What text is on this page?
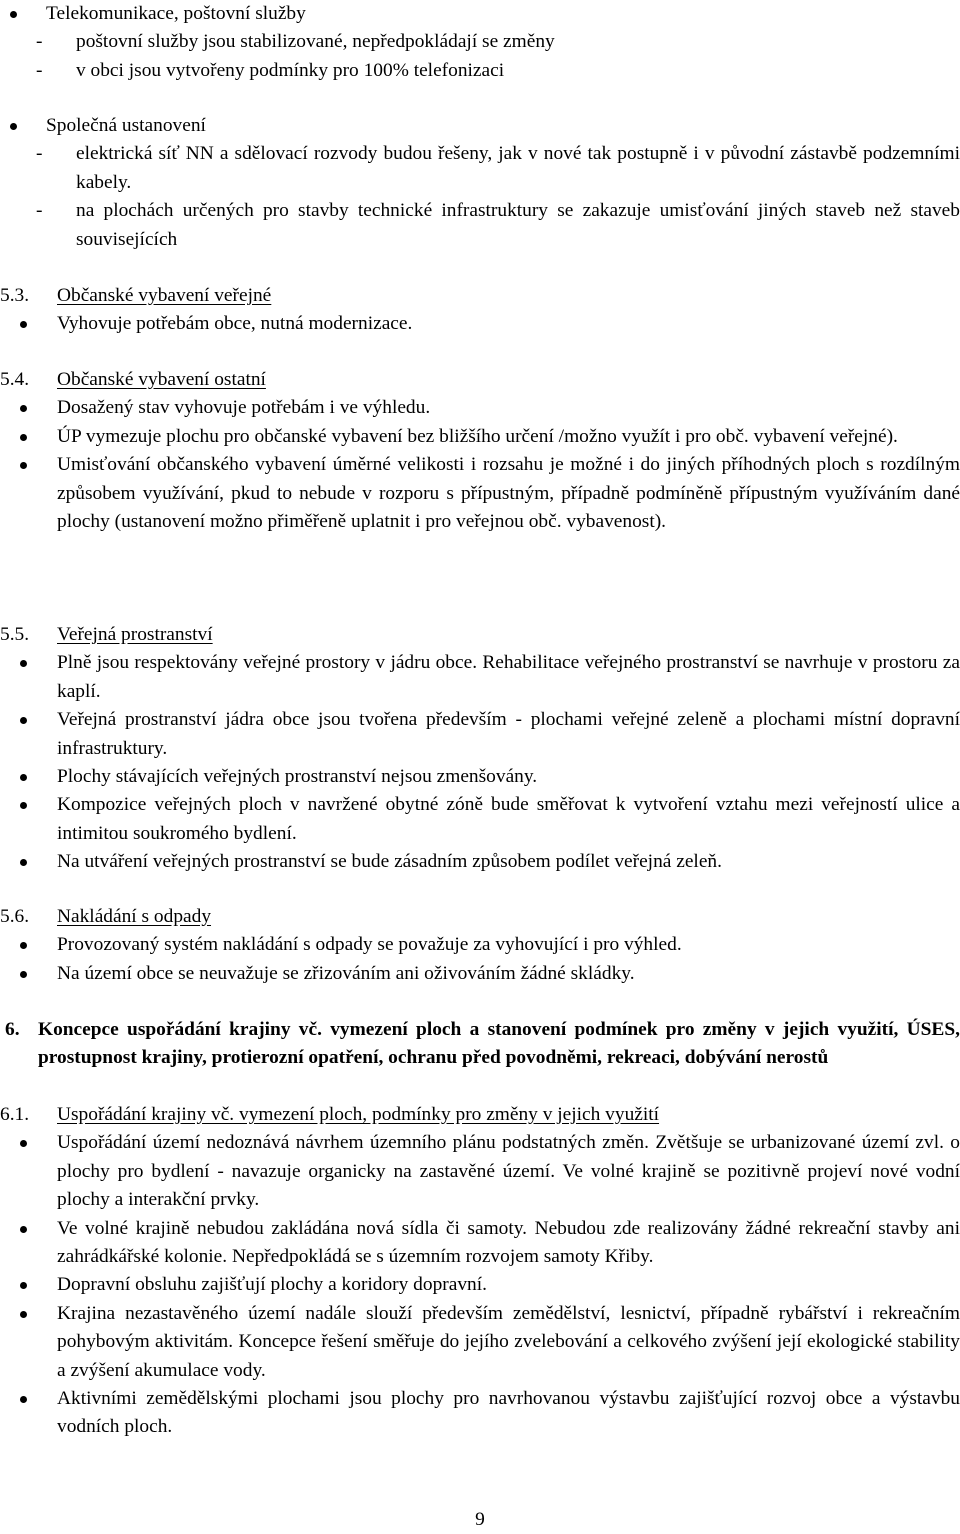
Telekomunikace, poštovní služby
- poštovní služby jsou stabilizované, nepředpokládají se změny
- v obci jsou vytvořeny podmínky pro 100% telefonizaci
Společná ustanovení
- elektrická síť NN a sdělovací rozvody budou řešeny, jak v nové tak postupně i v původní zástavbě podzemními kabely.
- na plochách určených pro stavby technické infrastruktury se zakazuje umisťování jiných staveb než staveb souvisejících
5.3. Občanské vybavení veřejné
Vyhovuje potřebám obce, nutná modernizace.
5.4. Občanské vybavení ostatní
Dosažený stav vyhovuje potřebám i ve výhledu.
ÚP vymezuje plochu pro občanské vybavení bez bližšího určení /možno využít i pro obč. vybavení veřejné).
Umisťování občanského vybavení úměrné velikosti i rozsahu je možné i do jiných příhodných ploch s rozdílným způsobem využívání, pkud to nebude v rozporu s přípustným, případně podmíněně přípustným využíváním dané plochy (ustanovení možno přiměřeně uplatnit i pro veřejnou obč. vybavenost).
5.5. Veřejná prostranství
Plně jsou respektovány veřejné prostory v jádru obce. Rehabilitace veřejného prostranství se navrhuje v prostoru za kaplí.
Veřejná prostranství jádra obce jsou tvořena především - plochami veřejné zeleně a plochami místní dopravní infrastruktury.
Plochy stávajících veřejných prostranství nejsou zmenšovány.
Kompozice veřejných ploch v navržené obytné zóně bude směřovat k vytvoření vztahu mezi veřejností ulice a intimitou soukromého bydlení.
Na utváření veřejných prostranství se bude zásadním způsobem podílet veřejná zeleň.
5.6. Nakládání s odpady
Provozovaný systém nakládání s odpady se považuje za vyhovující i pro výhled.
Na území obce se neuvažuje se zřizováním ani oživováním žádné skládky.
6. Koncepce uspořádání krajiny vč. vymezení ploch a stanovení podmínek pro změny v jejich využití, ÚSES, prostupnost krajiny, protierozní opatření, ochranu před povodněmi, rekreaci, dobývání nerostů
6.1. Uspořádání krajiny vč. vymezení ploch, podmínky pro změny v jejich využití
Uspořádání území nedoznává návrhem územního plánu podstatných změn. Zvětšuje se urbanizované území zvl. o plochy pro bydlení - navazuje organicky na zastavěné území. Ve volné krajině se pozitivně projeví nové vodní plochy a interakční prvky.
Ve volné krajině nebudou zakládána nová sídla či samoty. Nebudou zde realizovány žádné rekreační stavby ani zahrádkářské kolonie. Nepředpokládá se s územním rozvojem samoty Křiby.
Dopravní obsluhu zajišťují plochy a koridory dopravní.
Krajina nezastavěného území nadále slouží především zemědělství, lesnictví, případně rybářství i rekreačním pohybovým aktivitám. Koncepce řešení směřuje do jejího zvelebování a celkového zvýšení její ekologické stability a zvýšení akumulace vody.
Aktivními zemědělskými plochami jsou plochy pro navrhovanou výstavbu zajišťující rozvoj obce a výstavbu vodních ploch.
9
